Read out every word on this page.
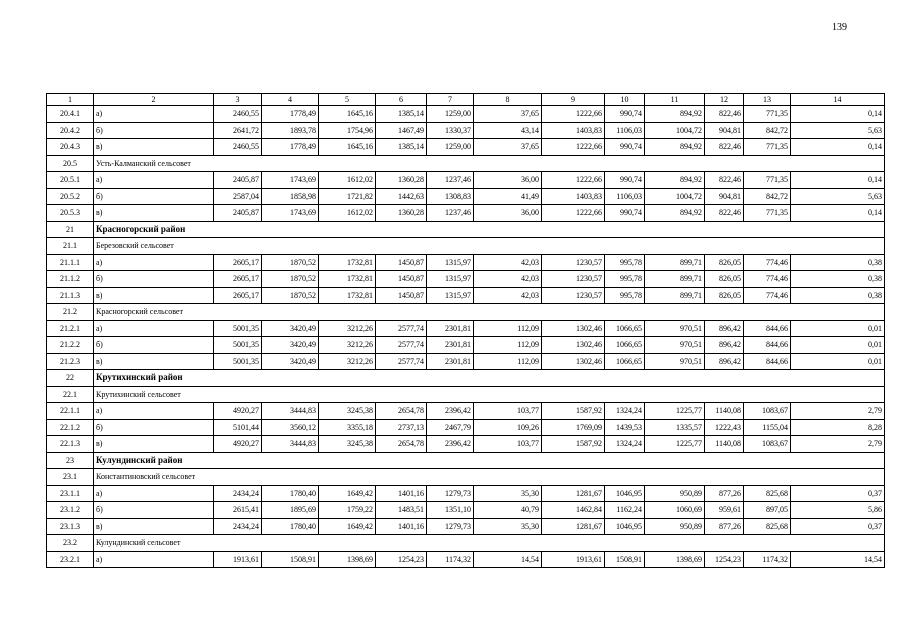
139
1	2	3	4	5	6	7	8	9	10	11	12	13	14
20.4.1	а)	2460,55	1778,49	1645,16	1385,14	1259,00	37,65	1222,66	990,74	894,92	822,46	771,35	0,14
20.4.2	б)	2641,72	1893,78	1754,96	1467,49	1330,37	43,14	1403,83	1106,03	1004,72	904,81	842,72	5,63
20.4.3	в)	2460,55	1778,49	1645,16	1385,14	1259,00	37,65	1222,66	990,74	894,92	822,46	771,35	0,14
20.5	Усть-Калманский сельсовет												
20.5.1	а)	2405,87	1743,69	1612,02	1360,28	1237,46	36,00	1222,66	990,74	894,92	822,46	771,35	0,14
20.5.2	б)	2587,04	1858,98	1721,82	1442,63	1308,83	41,49	1403,83	1106,03	1004,72	904,81	842,72	5,63
20.5.3	в)	2405,87	1743,69	1612,02	1360,28	1237,46	36,00	1222,66	990,74	894,92	822,46	771,35	0,14
21	Красногорский район												
21.1	Березовский сельсовет												
21.1.1	а)	2605,17	1870,52	1732,81	1450,87	1315,97	42,03	1230,57	995,78	899,71	826,05	774,46	0,38
21.1.2	б)	2605,17	1870,52	1732,81	1450,87	1315,97	42,03	1230,57	995,78	899,71	826,05	774,46	0,38
21.1.3	в)	2605,17	1870,52	1732,81	1450,87	1315,97	42,03	1230,57	995,78	899,71	826,05	774,46	0,38
21.2	Красногорский сельсовет												
21.2.1	а)	5001,35	3420,49	3212,26	2577,74	2301,81	112,09	1302,46	1066,65	970,51	896,42	844,66	0,01
21.2.2	б)	5001,35	3420,49	3212,26	2577,74	2301,81	112,09	1302,46	1066,65	970,51	896,42	844,66	0,01
21.2.3	в)	5001,35	3420,49	3212,26	2577,74	2301,81	112,09	1302,46	1066,65	970,51	896,42	844,66	0,01
22	Крутихинский район												
22.1	Крутихинский сельсовет												
22.1.1	а)	4920,27	3444,83	3245,38	2654,78	2396,42	103,77	1587,92	1324,24	1225,77	1140,08	1083,67	2,79
22.1.2	б)	5101,44	3560,12	3355,18	2737,13	2467,79	109,26	1769,09	1439,53	1335,57	1222,43	1155,04	8,28
22.1.3	в)	4920,27	3444,83	3245,38	2654,78	2396,42	103,77	1587,92	1324,24	1225,77	1140,08	1083,67	2,79
23	Кулундинский район												
23.1	Константиновский сельсовет												
23.1.1	а)	2434,24	1780,40	1649,42	1401,16	1279,73	35,30	1281,67	1046,95	950,89	877,26	825,68	0,37
23.1.2	б)	2615,41	1895,69	1759,22	1483,51	1351,10	40,79	1462,84	1162,24	1060,69	959,61	897,05	5,86
23.1.3	в)	2434,24	1780,40	1649,42	1401,16	1279,73	35,30	1281,67	1046,95	950,89	877,26	825,68	0,37
23.2	Кулундинский сельсовет												
23.2.1	а)	1913,61	1508,91	1398,69	1254,23	1174,32	14,54	1913,61	1508,91	1398,69	1254,23	1174,32	14,54
